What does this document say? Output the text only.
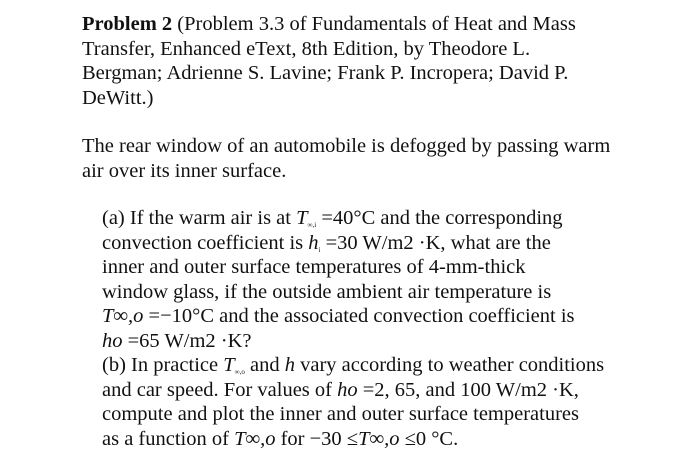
Problem 2 (Problem 3.3 of Fundamentals of Heat and Mass
Transfer, Enhanced eText, 8th Edition, by Theodore L.
Bergman; Adrienne S. Lavine; Frank P. Incropera; David P.
DeWitt.)
The rear window of an automobile is defogged by passing warm
air over its inner surface.
(a) If the warm air is at $T_{\infty,i} =40^\circ C$ and the corresponding
convection coefficient is $h_i =30$ W/m2 ·K, what are the
inner and outer surface temperatures of 4-mm-thick
window glass, if the outside ambient air temperature is
T∞,o =−10°C and the associated convection coefficient is
ho =65 W/m2 ·K?
(b) In practice $T_{\infty,o}$ and h vary according to weather conditions
and car speed. For values of ho =2, 65, and 100 W/m2 ·K,
compute and plot the inner and outer surface temperatures
as a function of T∞,o for −30 ≤T∞,o ≤0 °C.
